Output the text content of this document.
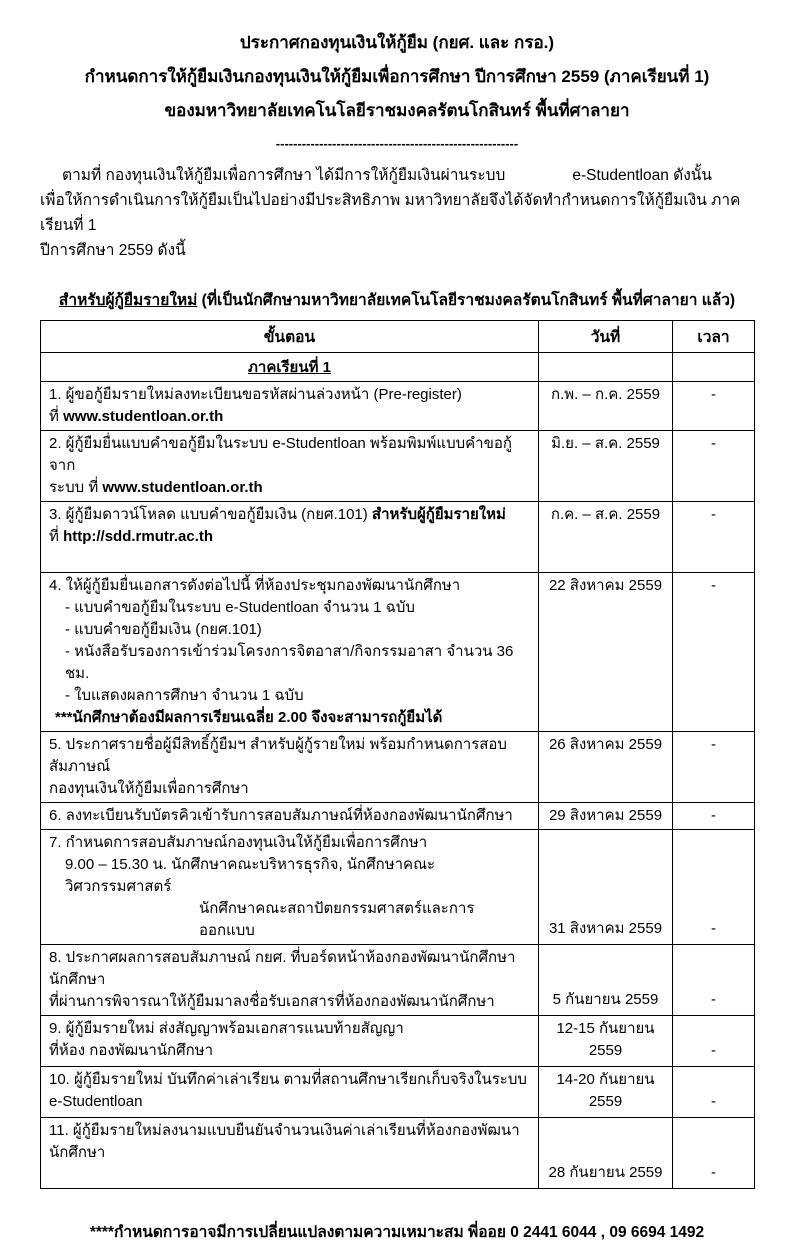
ประกาศกองทุนเงินให้กู้ยืม (กยศ. และ กรอ.)
กำหนดการให้กู้ยืมเงินกองทุนเงินให้กู้ยืมเพื่อการศึกษา ปีการศึกษา 2559 (ภาคเรียนที่ 1)
ของมหาวิทยาลัยเทคโนโลยีราชมงคลรัตนโกสินทร์ พื้นที่ศาลายา
--------------------------------------------------------
ตามที่ กองทุนเงินให้กู้ยืมเพื่อการศึกษา ได้มีการให้กู้ยืมเงินผ่านระบบ	e-Studentloan ดังนั้น
เพื่อให้การดำเนินการให้กู้ยืมเป็นไปอย่างมีประสิทธิภาพ มหาวิทยาลัยจึงได้จัดทำกำหนดการให้กู้ยืมเงิน ภาคเรียนที่ 1
ปีการศึกษา 2559 ดังนี้
สำหรับผู้กู้ยืมรายใหม่ (ที่เป็นนักศึกษามหาวิทยาลัยเทคโนโลยีราชมงคลรัตนโกสินทร์ พื้นที่ศาลายา แล้ว)
ขั้นตอน	วันที่	เวลา
ภาคเรียนที่ 1		

1. ผู้ขอกู้ยืมรายใหม่ลงทะเบียนขอรหัสผ่านล่วงหน้า (Pre-register)
ที่ www.studentloan.or.th	ก.พ. – ก.ค. 2559	-

2. ผู้กู้ยืมยื่นแบบคำขอกู้ยืมในระบบ e-Studentloan พร้อมพิมพ์แบบคำขอกู้จาก
ระบบ ที่ www.studentloan.or.th	มิ.ย. – ส.ค. 2559	-

3. ผู้กู้ยืมดาวน์โหลด แบบคำขอกู้ยืมเงิน (กยศ.101) สำหรับผู้กู้ยืมรายใหม่
ที่ http://sdd.rmutr.ac.th	ก.ค. – ส.ค. 2559	-

4. ให้ผู้กู้ยืมยื่นเอกสารดังต่อไปนี้ ที่ห้องประชุมกองพัฒนานักศึกษา
- แบบคำขอกู้ยืมในระบบ e-Studentloan จำนวน 1 ฉบับ
- แบบคำขอกู้ยืมเงิน (กยศ.101)
- หนังสือรับรองการเข้าร่วมโครงการจิตอาสา/กิจกรรมอาสา จำนวน 36 ชม.
- ใบแสดงผลการศึกษา จำนวน 1 ฉบับ
***นักศึกษาต้องมีผลการเรียนเฉลี่ย 2.00 จึงจะสามารถกู้ยืมได้
	22 สิงหาคม 2559	-

5. ประกาศรายชื่อผู้มีสิทธิ์กู้ยืมฯ สำหรับผู้กู้รายใหม่ พร้อมกำหนดการสอบสัมภาษณ์
กองทุนเงินให้กู้ยืมเพื่อการศึกษา	26 สิงหาคม 2559	-

6. ลงทะเบียนรับบัตรคิวเข้ารับการสอบสัมภาษณ์ที่ห้องกองพัฒนานักศึกษา	29 สิงหาคม 2559	-

7. กำหนดการสอบสัมภาษณ์กองทุนเงินให้กู้ยืมเพื่อการศึกษา
9.00 – 15.30 น. นักศึกษาคณะบริหารธุรกิจ, นักศึกษาคณะวิศวกรรมศาสตร์
นักศึกษาคณะสถาปัตยกรรมศาสตร์และการออกแบบ	31 สิงหาคม 2559	-

8. ประกาศผลการสอบสัมภาษณ์ กยศ. ที่บอร์ดหน้าห้องกองพัฒนานักศึกษา นักศึกษา
ที่ผ่านการพิจารณาให้กู้ยืมมาลงชื่อรับเอกสารที่ห้องกองพัฒนานักศึกษา	5 กันยายน 2559	-

9. ผู้กู้ยืมรายใหม่ ส่งสัญญาพร้อมเอกสารแนบท้ายสัญญา
ที่ห้อง กองพัฒนานักศึกษา	12-15 กันยายน 2559	-

10. ผู้กู้ยืมรายใหม่ บันทึกค่าเล่าเรียน ตามที่สถานศึกษาเรียกเก็บจริงในระบบ
e-Studentloan	14-20 กันยายน 2559	-

11. ผู้กู้ยืมรายใหม่ลงนามแบบยืนยันจำนวนเงินค่าเล่าเรียนที่ห้องกองพัฒนานักศึกษา	28 กันยายน 2559	-
****กำหนดการอาจมีการเปลี่ยนแปลงตามความเหมาะสม พี่ออย 0 2441 6044 , 09 6694 1492
